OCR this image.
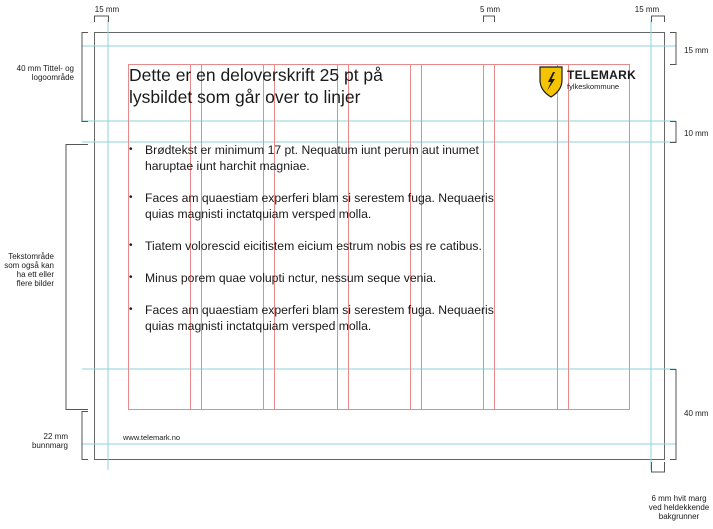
15 mm	5 mm	15 mm
15 mm
10 mm
40 mm
6 mm hvit marg ved heldekkende bakgrunner
40 mm Tittel- og logoområde
Tekstområde som også kan ha ett eller flere bilder
22 mm bunnmarg
Dette er en deloverskrift 25 pt på lysbildet som går over to linjer
• Brødtekst er minimum 17 pt. Nequatum iunt perum aut inumet haruptae iunt harchit magniae.
• Faces am quaestiam experferi blam si serestem fuga. Nequaeris quias magnisti inctatquiam versped molla.
• Tiatem volorescid eicitistem eicium estrum nobis es re catibus.
• Minus porem quae volupti nctur, nessum seque venia.
• Faces am quaestiam experferi blam si serestem fuga. Nequaeris quias magnisti inctatquiam versped molla.
www.telemark.no
TELEMARK
fylkeskommune
